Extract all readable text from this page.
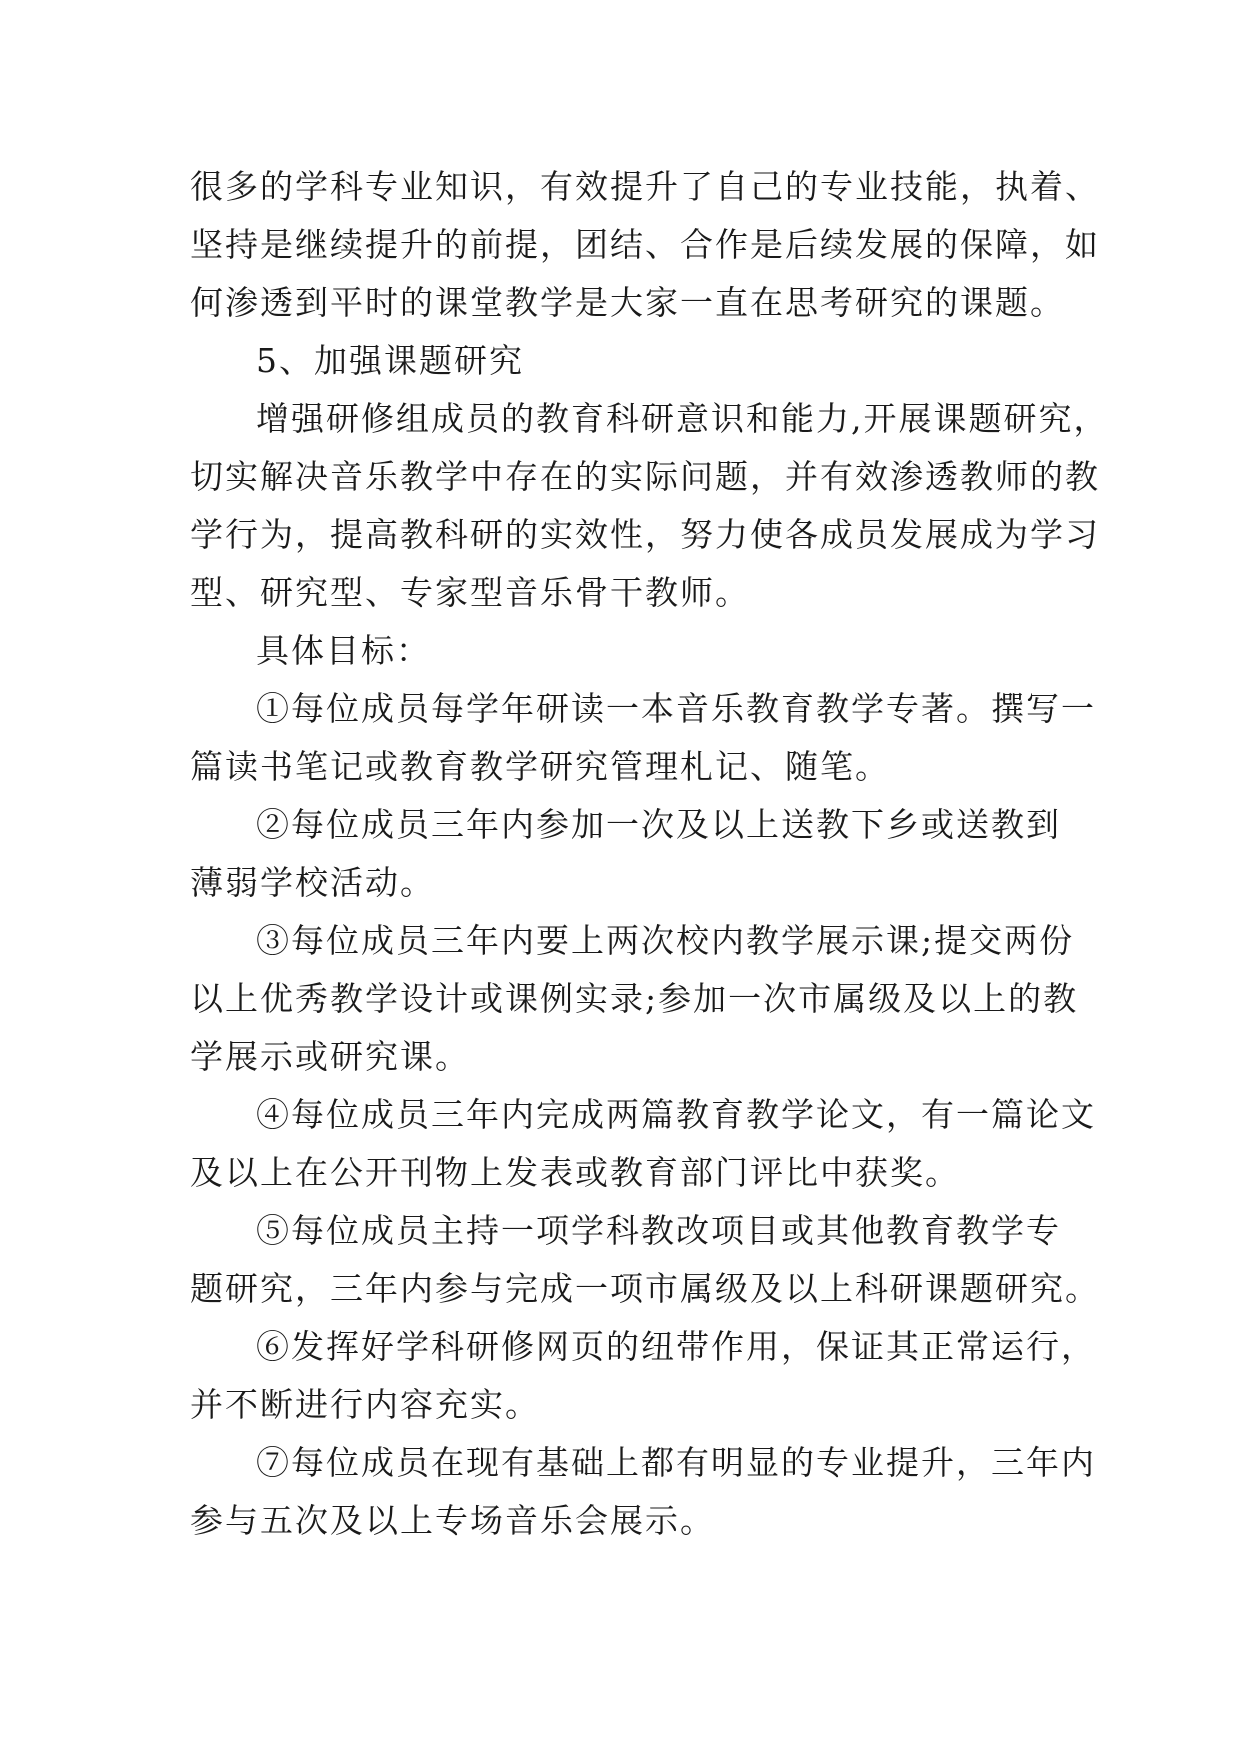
很多的学科专业知识，有效提升了自己的专业技能，执着、
坚持是继续提升的前提，团结、合作是后续发展的保障，如
何渗透到平时的课堂教学是大家一直在思考研究的课题。
5、加强课题研究
增强研修组成员的教育科研意识和能力,开展课题研究，
切实解决音乐教学中存在的实际问题，并有效渗透教师的教
学行为，提高教科研的实效性，努力使各成员发展成为学习
型、研究型、专家型音乐骨干教师。
具体目标：
①每位成员每学年研读一本音乐教育教学专著。撰写一
篇读书笔记或教育教学研究管理札记、随笔。
②每位成员三年内参加一次及以上送教下乡或送教到
薄弱学校活动。
③每位成员三年内要上两次校内教学展示课;提交两份
以上优秀教学设计或课例实录;参加一次市属级及以上的教
学展示或研究课。
④每位成员三年内完成两篇教育教学论文，有一篇论文
及以上在公开刊物上发表或教育部门评比中获奖。
⑤每位成员主持一项学科教改项目或其他教育教学专
题研究，三年内参与完成一项市属级及以上科研课题研究。
⑥发挥好学科研修网页的纽带作用，保证其正常运行，
并不断进行内容充实。
⑦每位成员在现有基础上都有明显的专业提升，三年内
参与五次及以上专场音乐会展示。
